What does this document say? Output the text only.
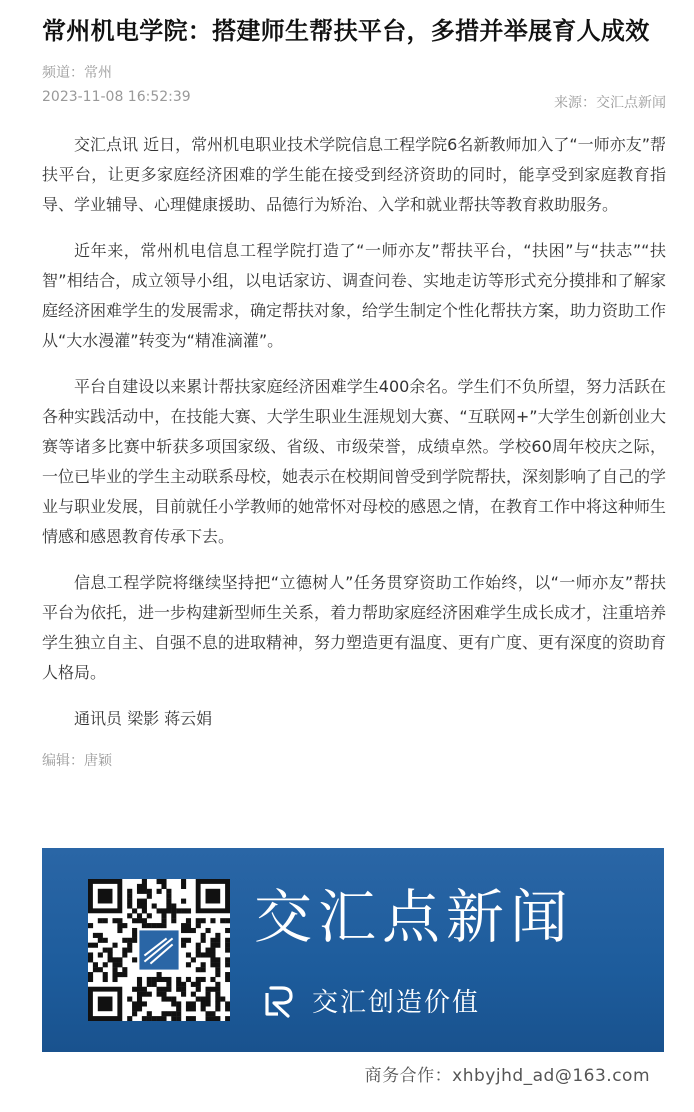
常州机电学院：搭建师生帮扶平台，多措并举展育人成效
频道：常州
2023-11-08 16:52:39	来源：交汇点新闻

交汇点讯 近日，常州机电职业技术学院信息工程学院6名新教师加入了“一师亦友”帮扶平台，让更多家庭经济困难的学生能在接受到经济资助的同时，能享受到家庭教育指导、学业辅导、心理健康援助、品德行为矫治、入学和就业帮扶等教育救助服务。

近年来，常州机电信息工程学院打造了“一师亦友”帮扶平台，“扶困”与“扶志”“扶智”相结合，成立领导小组，以电话家访、调查问卷、实地走访等形式充分摸排和了解家庭经济困难学生的发展需求，确定帮扶对象，给学生制定个性化帮扶方案，助力资助工作从“大水漫灌”转变为“精准滴灌”。

平台自建设以来累计帮扶家庭经济困难学生400余名。学生们不负所望，努力活跃在各种实践活动中，在技能大赛、大学生职业生涯规划大赛、“互联网+”大学生创新创业大赛等诸多比赛中斩获多项国家级、省级、市级荣誉，成绩卓然。学校60周年校庆之际，一位已毕业的学生主动联系母校，她表示在校期间曾受到学院帮扶，深刻影响了自己的学业与职业发展，目前就任小学教师的她常怀对母校的感恩之情，在教育工作中将这种师生情感和感恩教育传承下去。

信息工程学院将继续坚持把“立德树人”任务贯穿资助工作始终，以“一师亦友”帮扶平台为依托，进一步构建新型师生关系，着力帮助家庭经济困难学生成长成才，注重培养学生独立自主、自强不息的进取精神，努力塑造更有温度、更有广度、更有深度的资助育人格局。

通讯员 梁影 蒋云娟

编辑：唐颖
交汇点新闻
交汇创造价值
商务合作：xhbyjhd_ad@163.com
